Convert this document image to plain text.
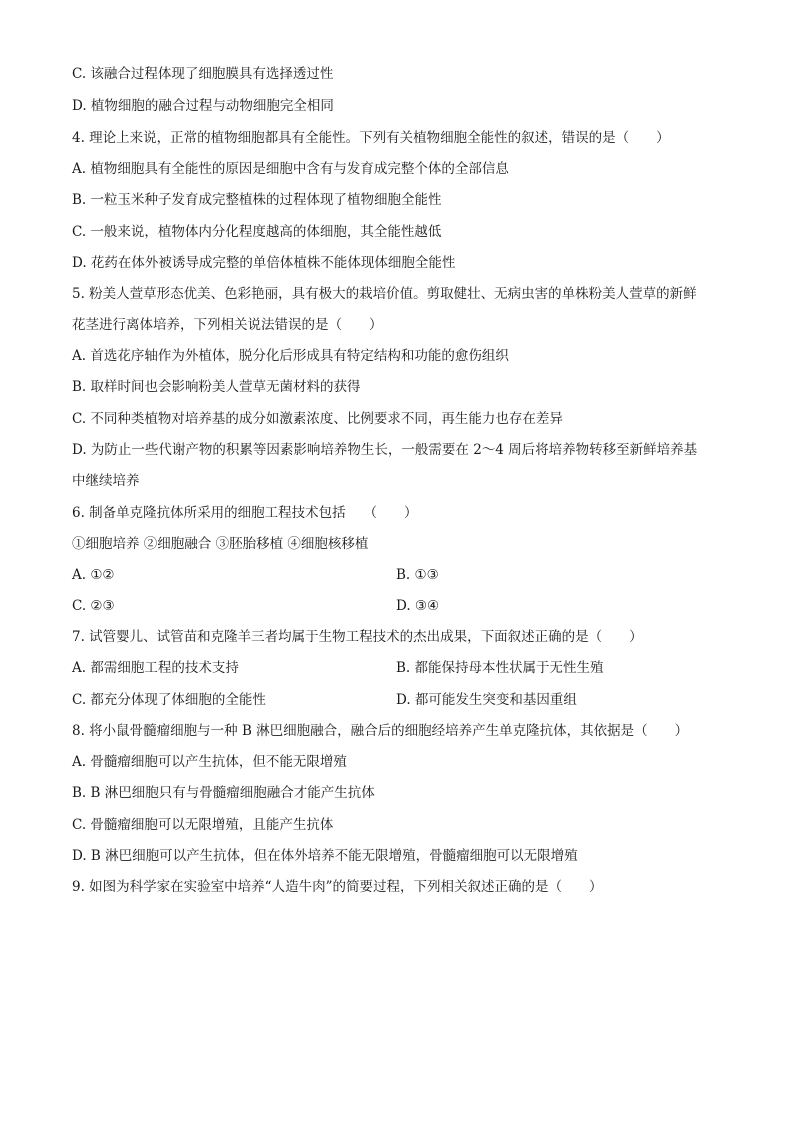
C. 该融合过程体现了细胞膜具有选择透过性
D. 植物细胞的融合过程与动物细胞完全相同
4. 理论上来说，正常的植物细胞都具有全能性。下列有关植物细胞全能性的叙述，错误的是（　　）
A. 植物细胞具有全能性的原因是细胞中含有与发育成完整个体的全部信息
B. 一粒玉米种子发育成完整植株的过程体现了植物细胞全能性
C. 一般来说，植物体内分化程度越高的体细胞，其全能性越低
D. 花药在体外被诱导成完整的单倍体植株不能体现体细胞全能性
5. 粉美人萱草形态优美、色彩艳丽，具有极大的栽培价值。剪取健壮、无病虫害的单株粉美人萱草的新鲜
花茎进行离体培养，下列相关说法错误的是（　　）
A. 首选花序轴作为外植体，脱分化后形成具有特定结构和功能的愈伤组织
B. 取样时间也会影响粉美人萱草无菌材料的获得
C. 不同种类植物对培养基的成分如激素浓度、比例要求不同，再生能力也存在差异
D. 为防止一些代谢产物的积累等因素影响培养物生长，一般需要在 2～4 周后将培养物转移至新鲜培养基
中继续培养
6. 制备单克隆抗体所采用的细胞工程技术包括　 （　　）
①细胞培养 ②细胞融合 ③胚胎移植 ④细胞核移植
A. ①②	B. ①③
C. ②③	D. ③④
7. 试管婴儿、试管苗和克隆羊三者均属于生物工程技术的杰出成果，下面叙述正确的是（　　）
A. 都需细胞工程的技术支持	B. 都能保持母本性状属于无性生殖
C. 都充分体现了体细胞的全能性	D. 都可能发生突变和基因重组
8. 将小鼠骨髓瘤细胞与一种 B 淋巴细胞融合，融合后的细胞经培养产生单克隆抗体，其依据是（　　）
A. 骨髓瘤细胞可以产生抗体，但不能无限增殖
B. B 淋巴细胞只有与骨髓瘤细胞融合才能产生抗体
C. 骨髓瘤细胞可以无限增殖，且能产生抗体
D. B 淋巴细胞可以产生抗体，但在体外培养不能无限增殖，骨髓瘤细胞可以无限增殖
9. 如图为科学家在实验室中培养“人造牛肉”的简要过程，下列相关叙述正确的是（　　）
